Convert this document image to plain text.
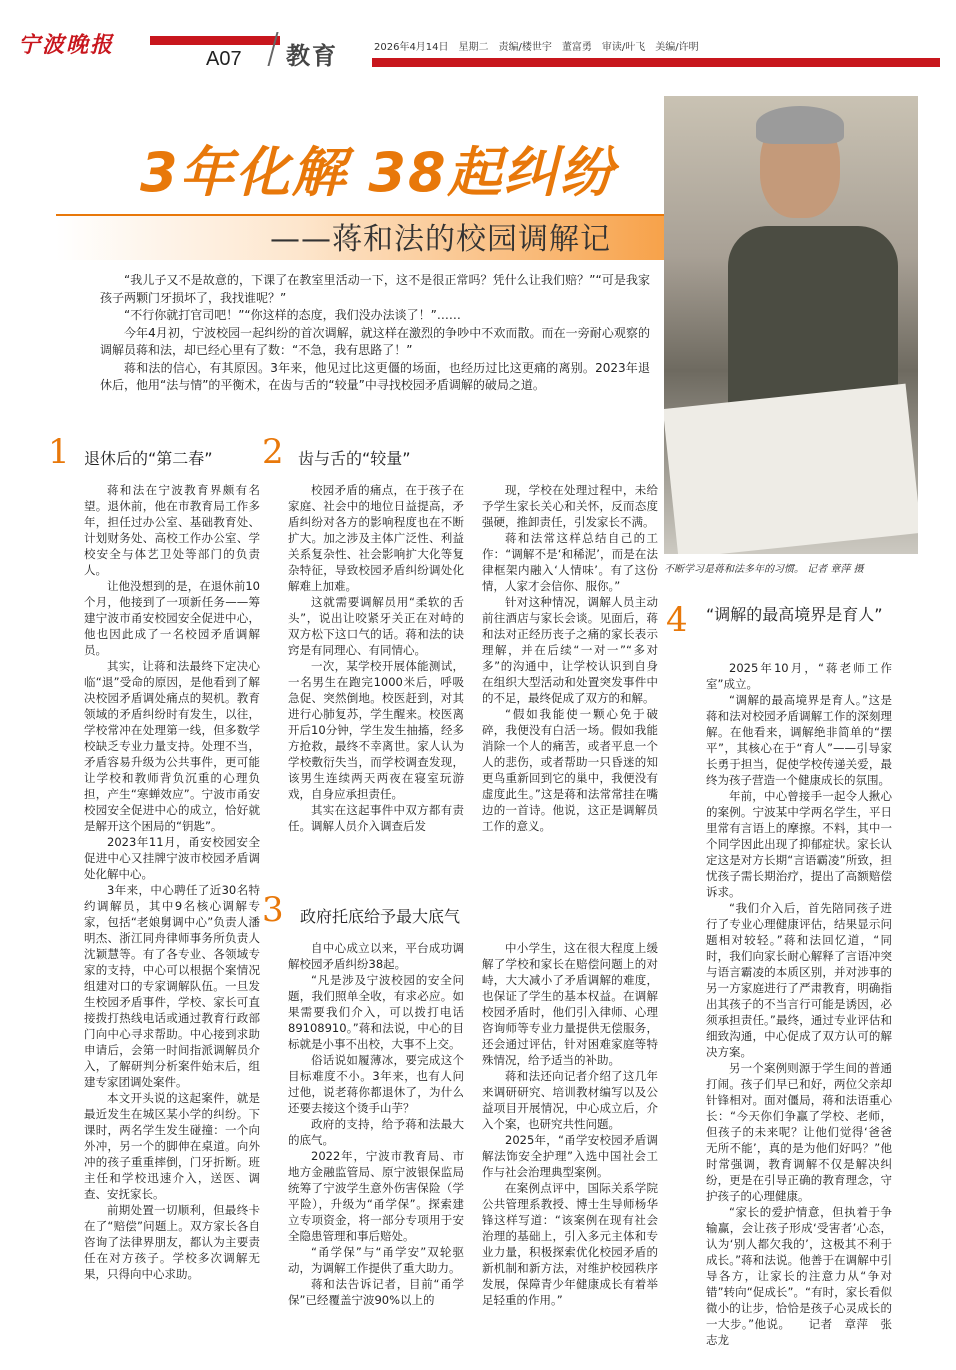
宁波晚报
A07 教育	2026年4月14日　星期二　责编/楼世宇　董富勇　审读/叶飞　美编/许明
3年化解 38起纠纷
——蒋和法的校园调解记
不断学习是蒋和法多年的习惯。 记者 章萍 摄

“我儿子又不是故意的，下课了在教室里活动一下，这不是很正常吗？凭什么让我们赔？”“可是我家孩子两颗门牙损坏了，我找谁呢？”

“不行你就打官司吧！”“你这样的态度，我们没办法谈了！”……

今年4月初，宁波校园一起纠纷的首次调解，就这样在激烈的争吵中不欢而散。而在一旁耐心观察的调解员蒋和法，却已经心里有了数：“不急，我有思路了！”

蒋和法的信心，有其原因。3年来，他见过比这更僵的场面，也经历过比这更痛的离别。2023年退休后，他用“法与情”的平衡术，在齿与舌的“较量”中寻找校园矛盾调解的破局之道。

1 退休后的“第二春” 2 齿与舌的“较量”
3 政府托底给予最大底气
4 “调解的最高境界是育人”

蒋和法在宁波教育界颇有名望。退休前，他在市教育局工作多年，担任过办公室、基础教育处、计划财务处、高校工作办公室、学校安全与体艺卫处等部门的负责人。

让他没想到的是，在退休前10个月，他接到了一项新任务——筹建宁波市甬安校园安全促进中心，他也因此成了一名校园矛盾调解员。

其实，让蒋和法最终下定决心临“退”受命的原因，是他看到了解决校园矛盾调处痛点的契机。教育领域的矛盾纠纷时有发生，以往，学校常冲在处理第一线，但多数学校缺乏专业力量支持。处理不当，矛盾容易升级为公共事件，更可能让学校和教师背负沉重的心理负担，产生“寒蝉效应”。宁波市甬安校园安全促进中心的成立，恰好就是解开这个困局的“钥匙”。

2023年11月，甬安校园安全促进中心又挂牌宁波市校园矛盾调处化解中心。

3年来，中心聘任了近30名特约调解员，其中9名核心调解专家，包括“老娘舅调中心”负责人潘明杰、浙江同舟律师事务所负责人沈颖慧等。有了各专业、各领域专家的支持，中心可以根据个案情况组建对口的专家调解队伍。一旦发生校园矛盾事件，学校、家长可直接拨打热线电话或通过教育行政部门向中心寻求帮助。中心接到求助申请后，会第一时间指派调解员介入，了解研判分析案件始末后，组建专家团调处案件。

本文开头说的这起案件，就是最近发生在城区某小学的纠纷。下课时，两名学生发生碰撞：一个向外冲，另一个的脚伸在桌道。向外冲的孩子重重摔倒，门牙折断。班主任和学校迅速介入，送医、调查、安抚家长。

前期处置一切顺利，但最终卡在了“赔偿”问题上。双方家长各自咨询了法律界朋友，都认为主要责任在对方孩子。学校多次调解无果，只得向中心求助。

校园矛盾的痛点，在于孩子在家庭、社会中的地位日益提高，矛盾纠纷对各方的影响程度也在不断扩大。加之涉及主体广泛性、利益关系复杂性、社会影响扩大化等复杂特征，导致校园矛盾纠纷调处化解难上加难。

这就需要调解员用“柔软的舌头”，说出让咬紧牙关正在对峙的双方松下这口气的话。蒋和法的诀窍是有同理心、有同情心。

一次，某学校开展体能测试，一名男生在跑完1000米后，呼吸急促、突然倒地。校医赶到，对其进行心肺复苏，学生醒来。校医离开后10分钟，学生发生抽搐，经多方抢救，最终不幸离世。家人认为学校敷衍失当，而学校调查发现，该男生连续两天两夜在寝室玩游戏，自身应承担责任。

其实在这起事件中双方都有责任。调解人员介入调查后发

现，学校在处理过程中，未给予学生家长关心和关怀，反而态度强硬，推卸责任，引发家长不满。

蒋和法常这样总结自己的工作：“调解不是‘和稀泥’，而是在法律框架内融入‘人情味’。有了这份情，人家才会信你、服你。”

针对这种情况，调解人员主动前往酒店与家长会谈。见面后，蒋和法对正经历丧子之痛的家长表示理解，并在后续“一对一”“多对多”的沟通中，让学校认识到自身在组织大型活动和处置突发事件中的不足，最终促成了双方的和解。

“假如我能使一颗心免于破碎，我便没有白活一场。假如我能消除一个人的痛苦，或者平息一个人的悲伤，或者帮助一只昏迷的知更鸟重新回到它的巢中，我便没有虚度此生。”这是蒋和法常常挂在嘴边的一首诗。他说，这正是调解员工作的意义。

自中心成立以来，平台成功调解校园矛盾纠纷38起。

“凡是涉及宁波校园的安全问题，我们照单全收，有求必应。如果需要我们介入，可以拨打电话89108910。”蒋和法说，中心的目标就是小事不出校，大事不上交。

俗话说如履薄冰，要完成这个目标难度不小。3年来，也有人问过他，说老蒋你都退休了，为什么还要去接这个烫手山芋？

政府的支持，给予蒋和法最大的底气。

2022年，宁波市教育局、市地方金融监管局、原宁波银保监局统筹了宁波学生意外伤害保险（学平险），升级为“甬学保”。探索建立专项资金，将一部分专项用于安全隐患管理和事后赔处。

“甬学保”与“甬学安”双轮驱动，为调解工作提供了重大助力。

蒋和法告诉记者，目前“甬学保”已经覆盖宁波90%以上的

中小学生，这在很大程度上缓解了学校和家长在赔偿问题上的对峙，大大减小了矛盾调解的难度，也保证了学生的基本权益。在调解校园矛盾时，他们引入律师、心理咨询师等专业力量提供无偿服务，还会通过评估，针对困难家庭等特殊情况，给予适当的补助。

蒋和法还向记者介绍了这几年来调研研究、培训教材编写以及公益项目开展情况，中心成立后，介入个案，也研究共性问题。

2025年，“甬学安校园矛盾调解法饰安全护理”入选中国社会工作与社会治理典型案例。

在案例点评中，国际关系学院公共管理系教授、博士生导师杨华锋这样写道：“该案例在现有社会治理的基础上，引入多元主体和专业力量，积极探索优化校园矛盾的新机制和新方法，对维护校园秩序发展，保障青少年健康成长有着举足轻重的作用。”

2025年10月，“蒋老师工作室”成立。

“调解的最高境界是育人。”这是蒋和法对校园矛盾调解工作的深刻理解。在他看来，调解绝非简单的“摆平”，其核心在于“育人”——引导家长勇于担当，促使学校传递关爱，最终为孩子营造一个健康成长的氛围。

年前，中心曾接手一起令人揪心的案例。宁波某中学两名学生，平日里常有言语上的摩擦。不料，其中一个同学因此出现了抑郁症状。家长认定这是对方长期“言语霸凌”所致，担忧孩子需长期治疗，提出了高额赔偿诉求。

“我们介入后，首先陪同孩子进行了专业心理健康评估，结果显示问题相对较轻。”蒋和法回忆道，“同时，我们向家长耐心解释了言语冲突与语言霸凌的本质区别，并对涉事的另一方家庭进行了严肃教育，明确指出其孩子的不当言行可能是诱因，必须承担责任。”最终，通过专业评估和细致沟通，中心促成了双方认可的解决方案。

另一个案例则源于学生间的普通打闹。孩子们早已和好，两位父亲却针锋相对。面对僵局，蒋和法语重心长：“今天你们争赢了学校、老师，但孩子的未来呢？让他们觉得‘爸爸无所不能’，真的是为他们好吗？”他时常强调，教育调解不仅是解决纠纷，更是在引导正确的教育理念，守护孩子的心理健康。

“家长的爱护情意，但执着于争输赢，会让孩子形成‘受害者’心态，认为‘别人都欠我的’，这极其不利于成长。”蒋和法说。他善于在调解中引导各方，让家长的注意力从“争对错”转向“促成长”。“有时，家长看似微小的让步，恰恰是孩子心灵成长的一大步。”他说。　　记者　章萍　张志龙
